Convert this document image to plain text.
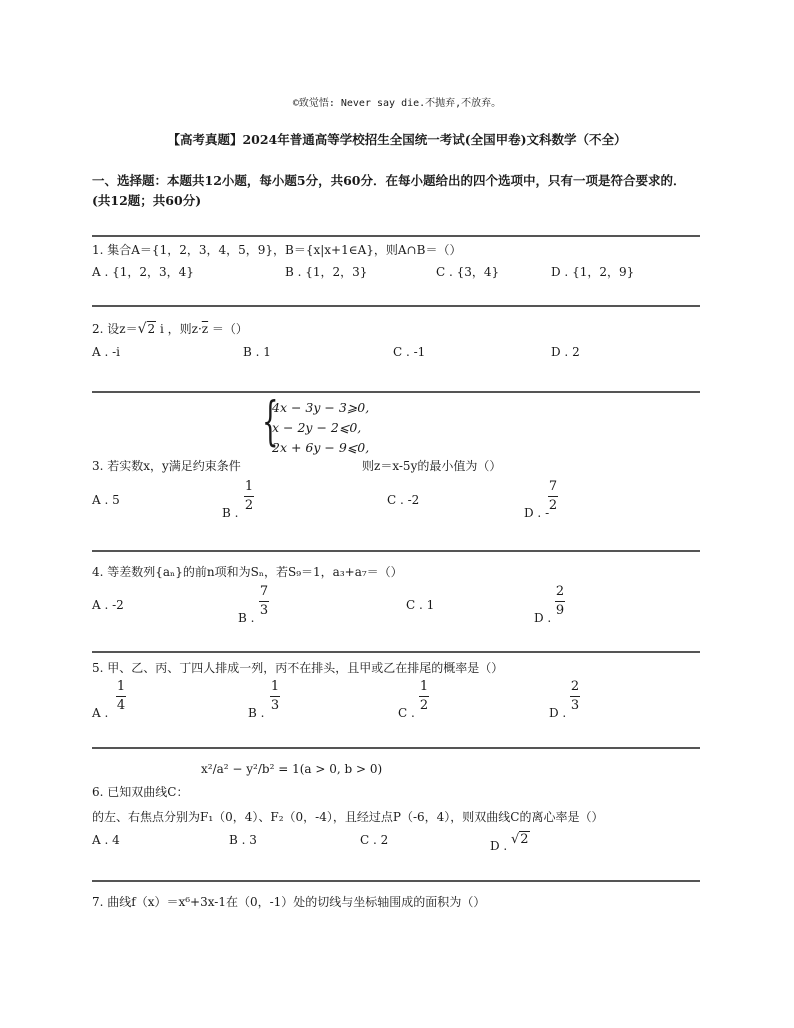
©致觉悟: Never say die.不抛弃,不放弃。
【高考真题】2024年普通高等学校招生全国统一考试(全国甲卷)文科数学（不全）
一、选择题：本题共12小题，每小题5分，共60分．在每小题给出的四个选项中，只有一项是符合要求的．(共12题；共60分)
1. 集合A＝{1，2，3，4，5，9}，B＝{x|x+1∈A}，则A∩B＝（）
A . {1，2，3，4}	B . {1，2，3}	C . {3，4}	D . {1，2，9}
2. 设z＝√2 i ，则$z\cdot\overline{z}$ ＝（）
A . -i	B . 1	C . -1	D . 2
{
4x − 3y − 3⩾0,
x − 2y − 2⩽0,
2x + 6y − 9⩽0,
3. 若实数x，y满足约束条件	则z＝x-5y的最小值为（）
A . 5
B .
1
2	C . -2
D . -
7
2
4. 等差数列{aₙ}的前n项和为Sₙ，若S₉＝1，a₃+a₇＝（）
A . -2
B .
7
3	C . 1
D .
2
9
5. 甲、乙、丙、丁四人排成一列，丙不在排头，且甲或乙在排尾的概率是（）
A .
1
4	B .
1
3	C .
1
2	D .
2
3
x²/a² − y²/b² = 1(a > 0, b > 0)
6. 已知双曲线C：
的左、右焦点分别为F₁（0，4）、F₂（0，-4），且经过点P（-6，4），则双曲线C的离心率是（）
A . 4	B . 3	C . 2	D . √2
7. 曲线f（x）＝x⁶+3x-1在（0，-1）处的切线与坐标轴围成的面积为（）
